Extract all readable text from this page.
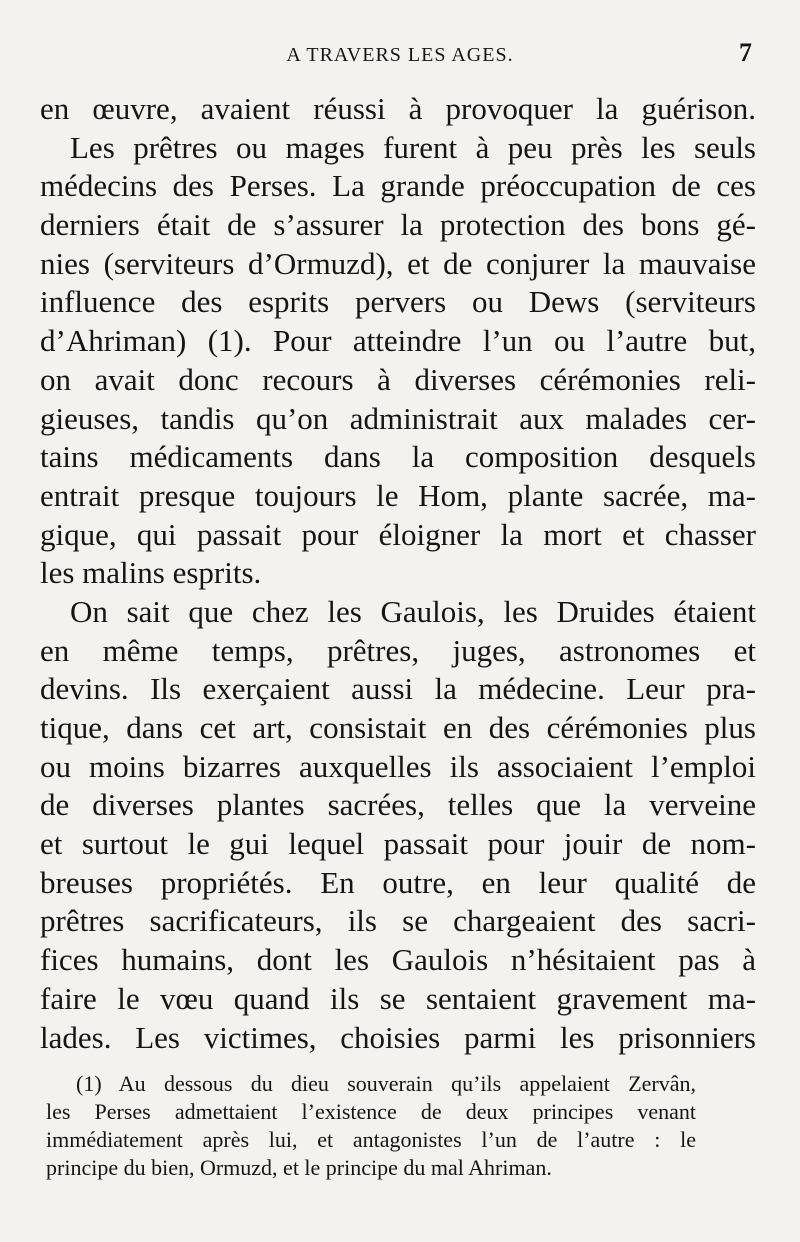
A TRAVERS LES AGES.	7
en œuvre, avaient réussi à provoquer la guérison.
Les prêtres ou mages furent à peu près les seuls
médecins des Perses. La grande préoccupation de ces
derniers était de s’assurer la protection des bons gé-
nies (serviteurs d’Ormuzd), et de conjurer la mauvaise
influence des esprits pervers ou Dews (serviteurs
d’Ahriman) (1). Pour atteindre l’un ou l’autre but,
on avait donc recours à diverses cérémonies reli-
gieuses, tandis qu’on administrait aux malades cer-
tains médicaments dans la composition desquels
entrait presque toujours le Hom, plante sacrée, ma-
gique, qui passait pour éloigner la mort et chasser
les malins esprits.
On sait que chez les Gaulois, les Druides étaient
en même temps, prêtres, juges, astronomes et
devins. Ils exerçaient aussi la médecine. Leur pra-
tique, dans cet art, consistait en des cérémonies plus
ou moins bizarres auxquelles ils associaient l’emploi
de diverses plantes sacrées, telles que la verveine
et surtout le gui lequel passait pour jouir de nom-
breuses propriétés. En outre, en leur qualité de
prêtres sacrificateurs, ils se chargeaient des sacri-
fices humains, dont les Gaulois n’hésitaient pas à
faire le vœu quand ils se sentaient gravement ma-
lades. Les victimes, choisies parmi les prisonniers
(1) Au dessous du dieu souverain qu’ils appelaient Zervân,
les Perses admettaient l’existence de deux principes venant
immédiatement après lui, et antagonistes l’un de l’autre : le
principe du bien, Ormuzd, et le principe du mal Ahriman.
